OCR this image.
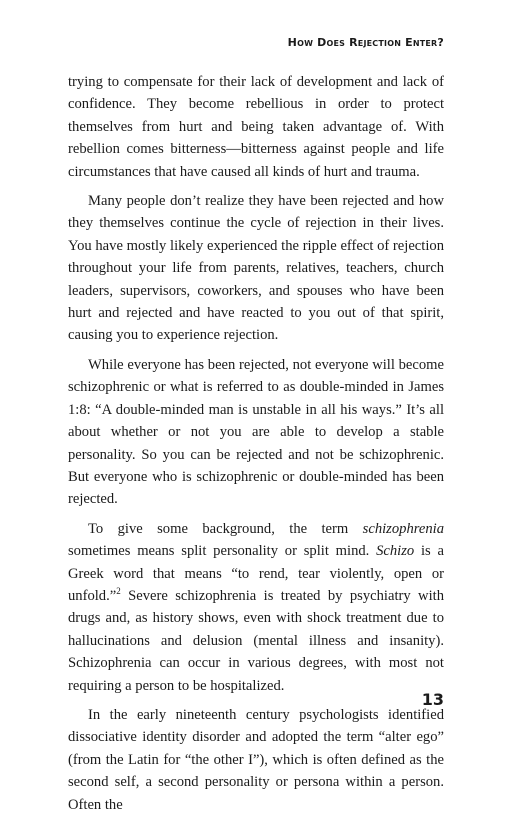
How Does Rejection Enter?

trying to compensate for their lack of development and lack of confidence. They become rebellious in order to protect themselves from hurt and being taken advantage of. With rebellion comes bitterness—bitterness against people and life circumstances that have caused all kinds of hurt and trauma.

Many people don’t realize they have been rejected and how they themselves continue the cycle of rejection in their lives. You have mostly likely experienced the ripple effect of rejection throughout your life from parents, relatives, teachers, church leaders, supervisors, coworkers, and spouses who have been hurt and rejected and have reacted to you out of that spirit, causing you to experience rejection.

While everyone has been rejected, not everyone will become schizophrenic or what is referred to as double-minded in James 1:8: “A double-minded man is unstable in all his ways.” It’s all about whether or not you are able to develop a stable personality. So you can be rejected and not be schizophrenic. But everyone who is schizophrenic or double-minded has been rejected.

To give some background, the term schizophrenia sometimes means split personality or split mind. Schizo is a Greek word that means “to rend, tear violently, open or unfold.”$^2$ Severe schizophrenia is treated by psychiatry with drugs and, as history shows, even with shock treatment due to hallucinations and delusion (mental illness and insanity). Schizophrenia can occur in various degrees, with most not requiring a person to be hospitalized.

In the early nineteenth century psychologists identified dissociative identity disorder and adopted the term “alter ego” (from the Latin for “the other I”), which is often defined as the second self, a second personality or persona within a person. Often the

13
